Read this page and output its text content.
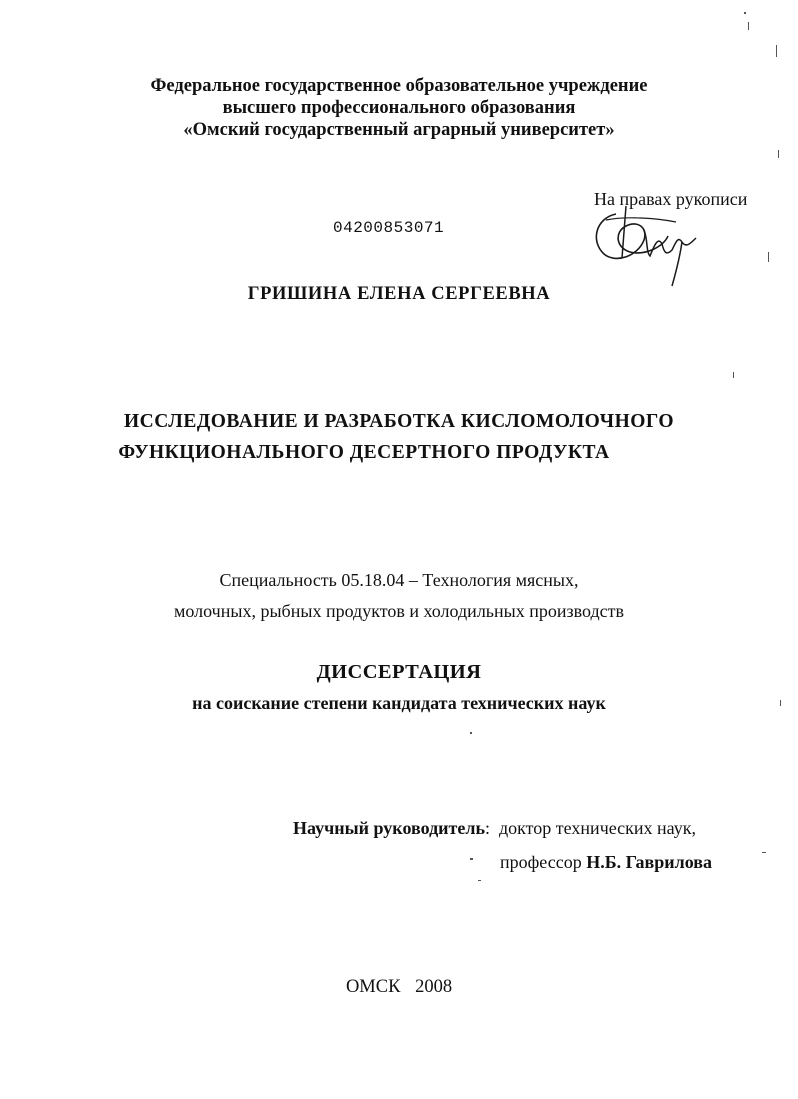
Федеральное государственное образовательное учреждение
высшего профессионального образования
«Омский государственный аграрный университет»
На правах рукописи
04200853071
ГРИШИНА ЕЛЕНА СЕРГЕЕВНА
ИССЛЕДОВАНИЕ И РАЗРАБОТКА КИСЛОМОЛОЧНОГО
ФУНКЦИОНАЛЬНОГО ДЕСЕРТНОГО ПРОДУКТА
Специальность 05.18.04 – Технология мясных,
молочных, рыбных продуктов и холодильных производств
ДИССЕРТАЦИЯ
на соискание степени кандидата технических наук
Научный руководитель: доктор технических наук,
профессор Н.Б. Гаврилова
ОМСК 2008
